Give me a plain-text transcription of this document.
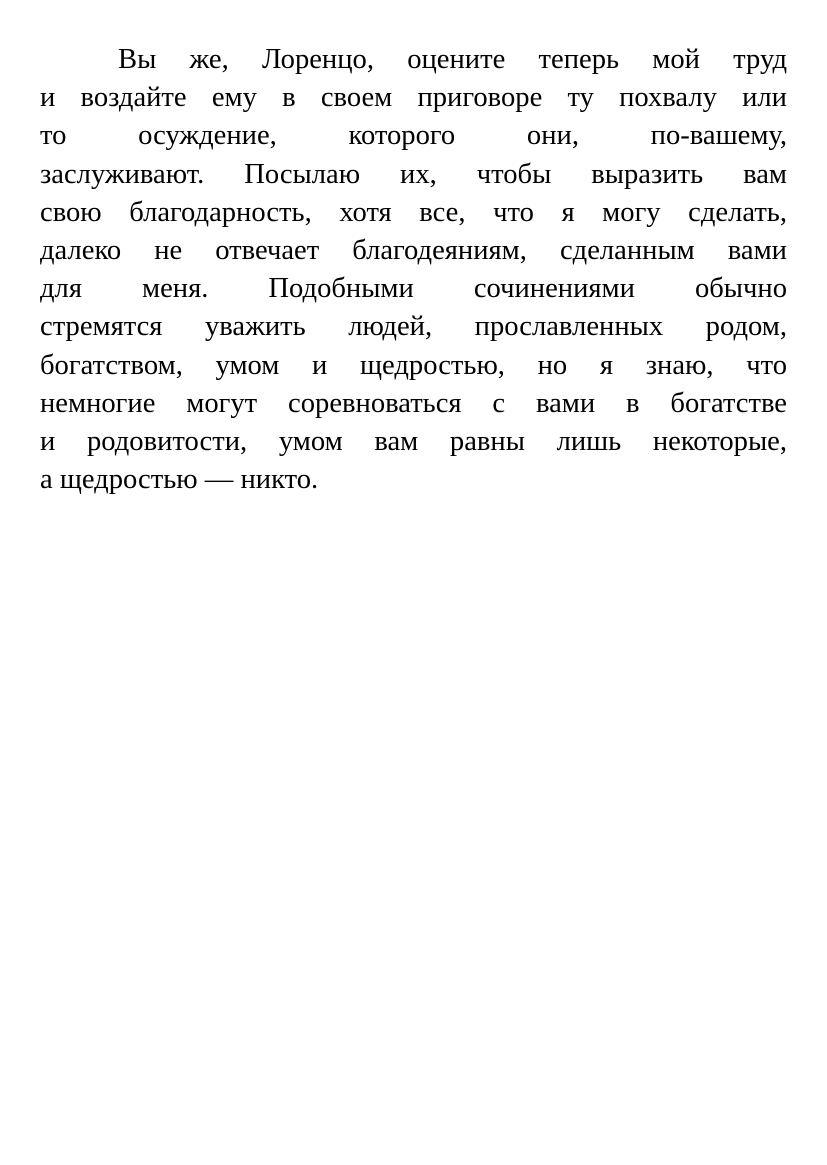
Вы же, Лоренцо, оцените теперь мой труд
и воздайте ему в своем приговоре ту похвалу или
то осуждение, которого они, по-вашему,
заслуживают. Посылаю их, чтобы выразить вам
свою благодарность, хотя все, что я могу сделать,
далеко не отвечает благодеяниям, сделанным вами
для меня. Подобными сочинениями обычно
стремятся уважить людей, прославленных родом,
богатством, умом и щедростью, но я знаю, что
немногие могут соревноваться с вами в богатстве
и родовитости, умом вам равны лишь некоторые,
а щедростью — никто.
